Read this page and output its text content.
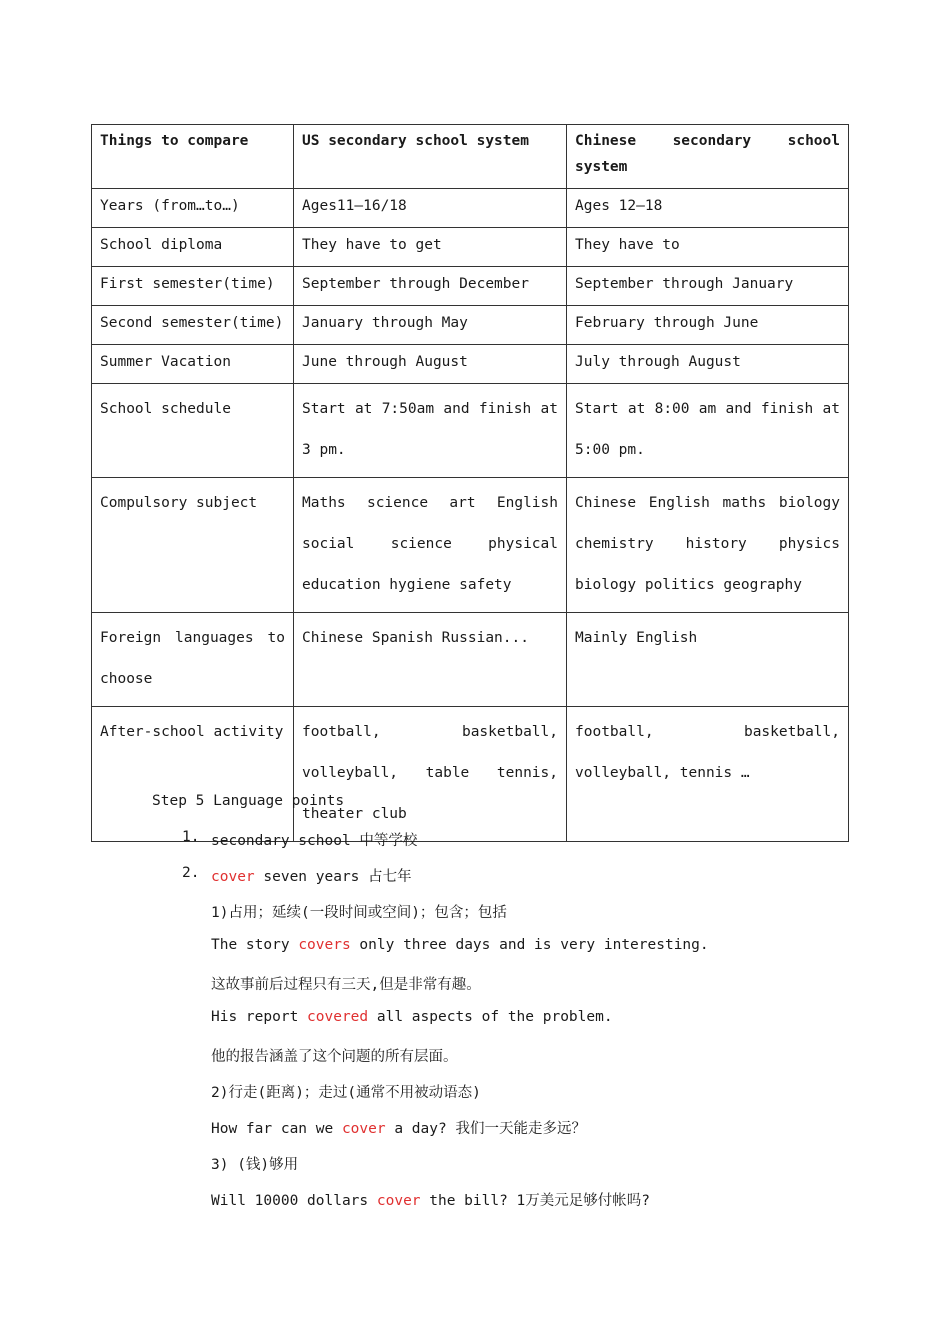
Things to compare	US secondary school system	Chinese secondary school system
Years (from…to…)	Ages11—16/18	Ages 12—18
School diploma	They have to get	They have to
First semester(time)	September through December	September through January
Second semester(time)	January through May	February through June
Summer Vacation	June through August	July through August
School schedule	Start at 7:50am and finish at 3 pm.	Start at 8:00 am and finish at 5:00 pm.
Compulsory subject	Maths science art English social science physical education hygiene safety	Chinese English maths biology chemistry history physics biology politics geography
Foreign languages to choose	Chinese Spanish Russian...	Mainly English
After-school activity	football, basketball, volleyball, table tennis, theater club	football, basketball, volleyball, tennis …
Step 5 Language points
1. secondary school 中等学校
2. cover seven years 占七年
1)占用；延续(一段时间或空间)；包含；包括
The story covers only three days and is very interesting.
这故事前后过程只有三天,但是非常有趣。
His report covered all aspects of the problem.
他的报告涵盖了这个问题的所有层面。
2)行走(距离)；走过(通常不用被动语态)
How far can we cover a day? 我们一天能走多远？
3) (钱)够用
Will 10000 dollars cover the bill? 1万美元足够付帐吗?
